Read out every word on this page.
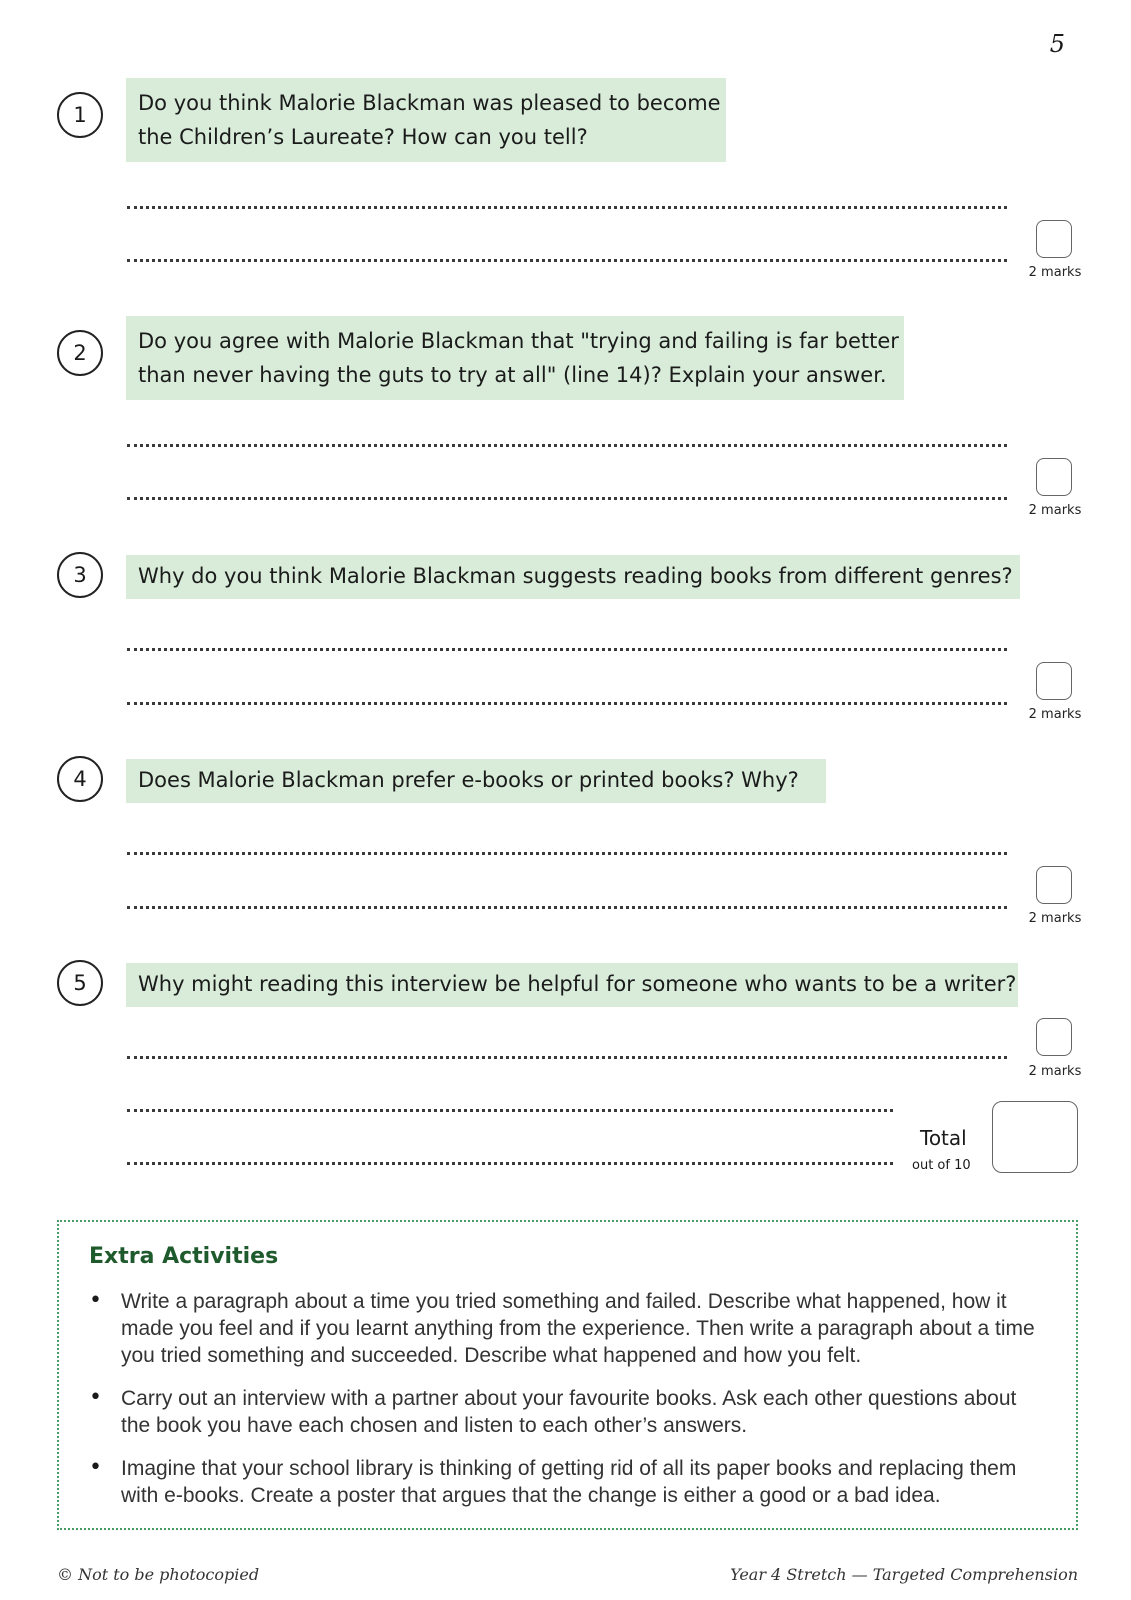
5
1	Do you think Malorie Blackman was pleased to become
the Children’s Laureate? How can you tell?
2 marks
2	Do you agree with Malorie Blackman that "trying and failing is far better
than never having the guts to try at all" (line 14)? Explain your answer.
2 marks
3	Why do you think Malorie Blackman suggests reading books from different genres?
2 marks
4	Does Malorie Blackman prefer e-books or printed books? Why?
2 marks
5	Why might reading this interview be helpful for someone who wants to be a writer?
2 marks
Total
out of 10
Extra Activities
• Write a paragraph about a time you tried something and failed. Describe what happened, how it made you feel and if you learnt anything from the experience. Then write a paragraph about a time you tried something and succeeded. Describe what happened and how you felt.
• Carry out an interview with a partner about your favourite books. Ask each other questions about the book you have each chosen and listen to each other’s answers.
• Imagine that your school library is thinking of getting rid of all its paper books and replacing them with e-books. Create a poster that argues that the change is either a good or a bad idea.
© Not to be photocopied	Year 4 Stretch — Targeted Comprehension
